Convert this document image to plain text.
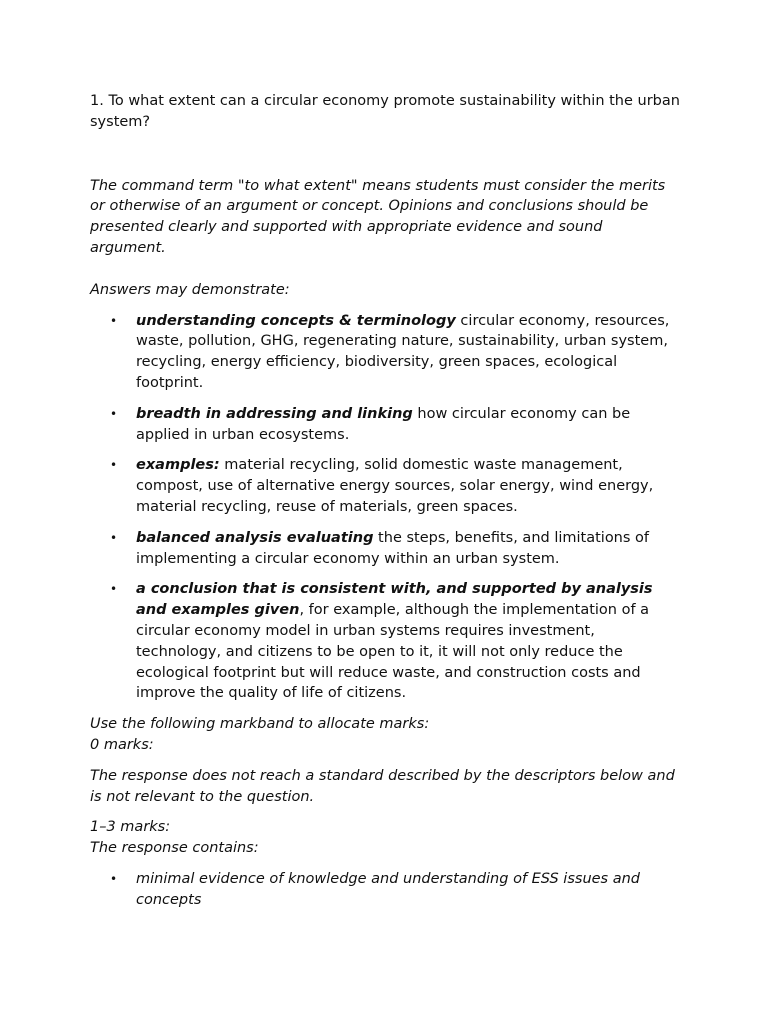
1. To what extent can a circular economy promote sustainability within the urban system?

The command term "to what extent" means students must consider the merits or otherwise of an argument or concept. Opinions and conclusions should be presented clearly and supported with appropriate evidence and sound argument.

Answers may demonstrate:

• understanding concepts & terminology circular economy, resources, waste, pollution, GHG, regenerating nature, sustainability, urban system, recycling, energy efficiency, biodiversity, green spaces, ecological footprint.
• breadth in addressing and linking how circular economy can be applied in urban ecosystems.
• examples: material recycling, solid domestic waste management, compost, use of alternative energy sources, solar energy, wind energy, material recycling, reuse of materials, green spaces.
• balanced analysis evaluating the steps, benefits, and limitations of implementing a circular economy within an urban system.
• a conclusion that is consistent with, and supported by analysis and examples given, for example, although the implementation of a circular economy model in urban systems requires investment, technology, and citizens to be open to it, it will not only reduce the ecological footprint but will reduce waste, and construction costs and improve the quality of life of citizens.

Use the following markband to allocate marks:

0 marks:

The response does not reach a standard described by the descriptors below and is not relevant to the question.

1–3 marks:

The response contains:

• minimal evidence of knowledge and understanding of ESS issues and concepts
